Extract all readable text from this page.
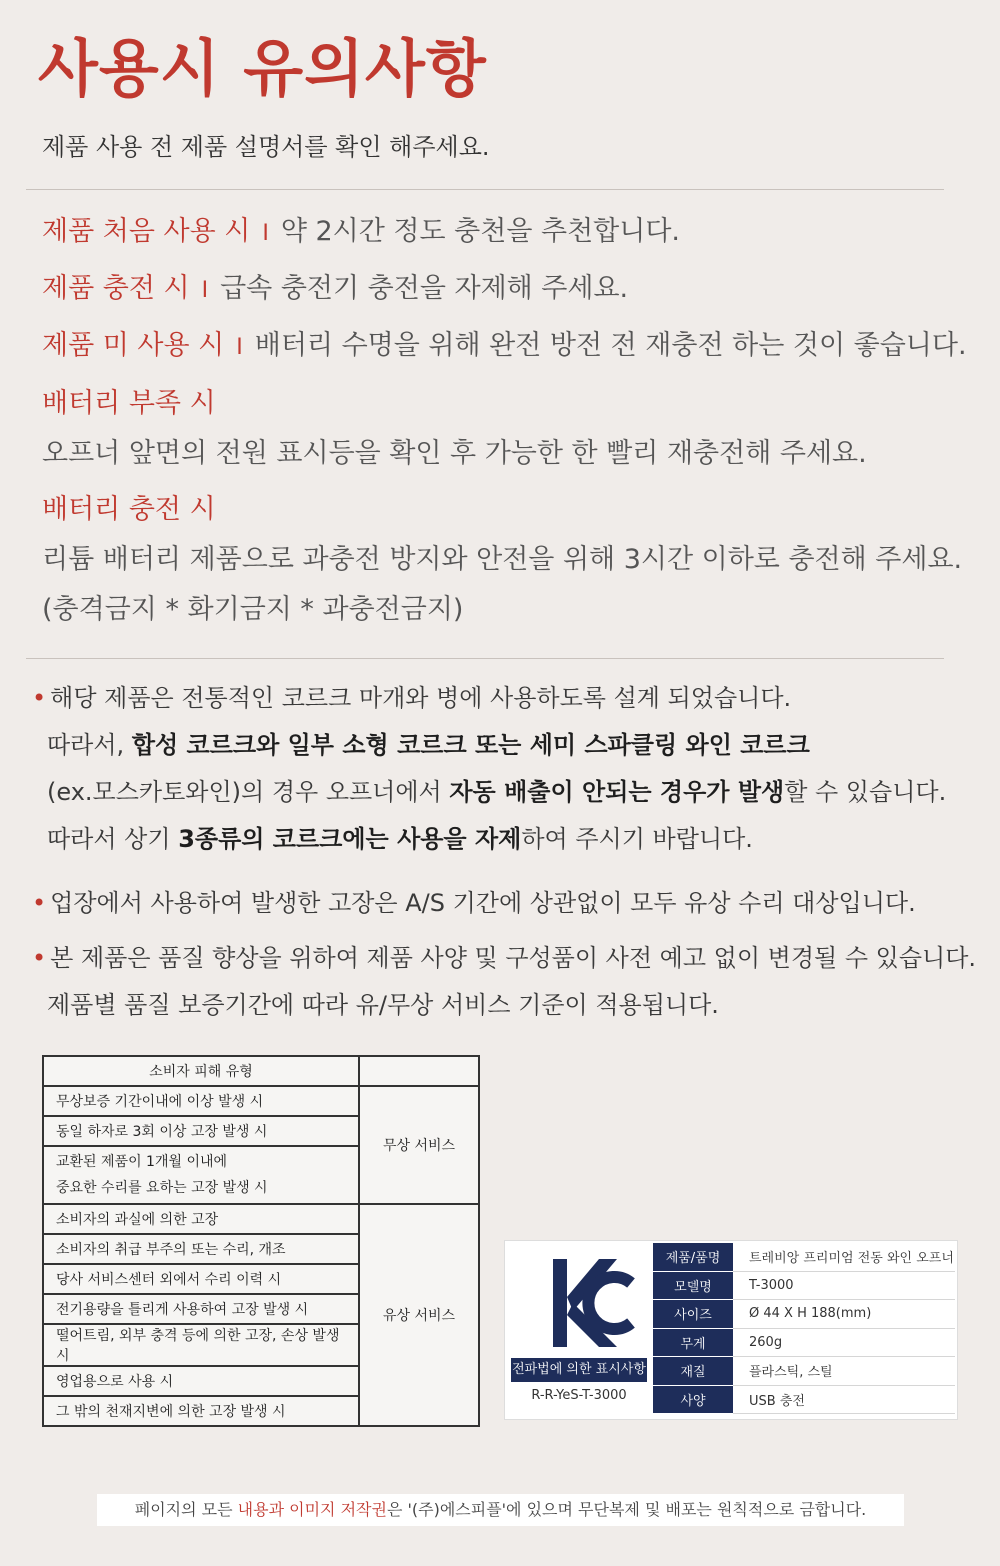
사용시 유의사항

제품 사용 전 제품 설명서를 확인 해주세요.

제품 처음 사용 시 I 약 2시간 정도 충천을 추천합니다.
제품 충전 시 I 급속 충전기 충전을 자제해 주세요.
제품 미 사용 시 I 배터리 수명을 위해 완전 방전 전 재충전 하는 것이 좋습니다.
배터리 부족 시
오프너 앞면의 전원 표시등을 확인 후 가능한 한 빨리 재충전해 주세요.
배터리 충전 시
리튬 배터리 제품으로 과충전 방지와 안전을 위해 3시간 이하로 충전해 주세요.
(충격금지 * 화기금지 * 과충전금지)
• 해당 제품은 전통적인 코르크 마개와 병에 사용하도록 설계 되었습니다.
따라서, 합성 코르크와 일부 소형 코르크 또는 세미 스파클링 와인 코르크
(ex.모스카토와인)의 경우 오프너에서 자동 배출이 안되는 경우가 발생할 수 있습니다.
따라서 상기 3종류의 코르크에는 사용을 자제하여 주시기 바랍니다.
• 업장에서 사용하여 발생한 고장은 A/S 기간에 상관없이 모두 유상 수리 대상입니다.
• 본 제품은 품질 향상을 위하여 제품 사양 및 구성품이 사전 예고 없이 변경될 수 있습니다.
제품별 품질 보증기간에 따라 유/무상 서비스 기준이 적용됩니다.
소비자 피해 유형	
무상보증 기간이내에 이상 발생 시	무상 서비스
동일 하자로 3회 이상 고장 발생 시	

교환된 제품이 1개월 이내에
중요한 수리를 요하는 고장 발생 시	

소비자의 과실에 의한 고장	유상 서비스
소비자의 취급 부주의 또는 수리, 개조	
당사 서비스센터 외에서 수리 이력 시	
전기용량을 틀리게 사용하여 고장 발생 시	
떨어트림, 외부 충격 등에 의한 고장, 손상 발생 시	
영업용으로 사용 시	
그 밖의 천재지변에 의한 고장 발생 시	
전파법에 의한 표시사항
R-R-YeS-T-3000
제품/품명	트레비앙 프리미엄 전동 와인 오프너
모델명	T-3000
사이즈	Ø 44 X H 188(mm)
무게	260g
재질	플라스틱, 스틸
사양	USB 충전
페이지의 모든 내용과 이미지 저작권은 '(주)에스피플'에 있으며 무단복제 및 배포는 원칙적으로 금합니다.
